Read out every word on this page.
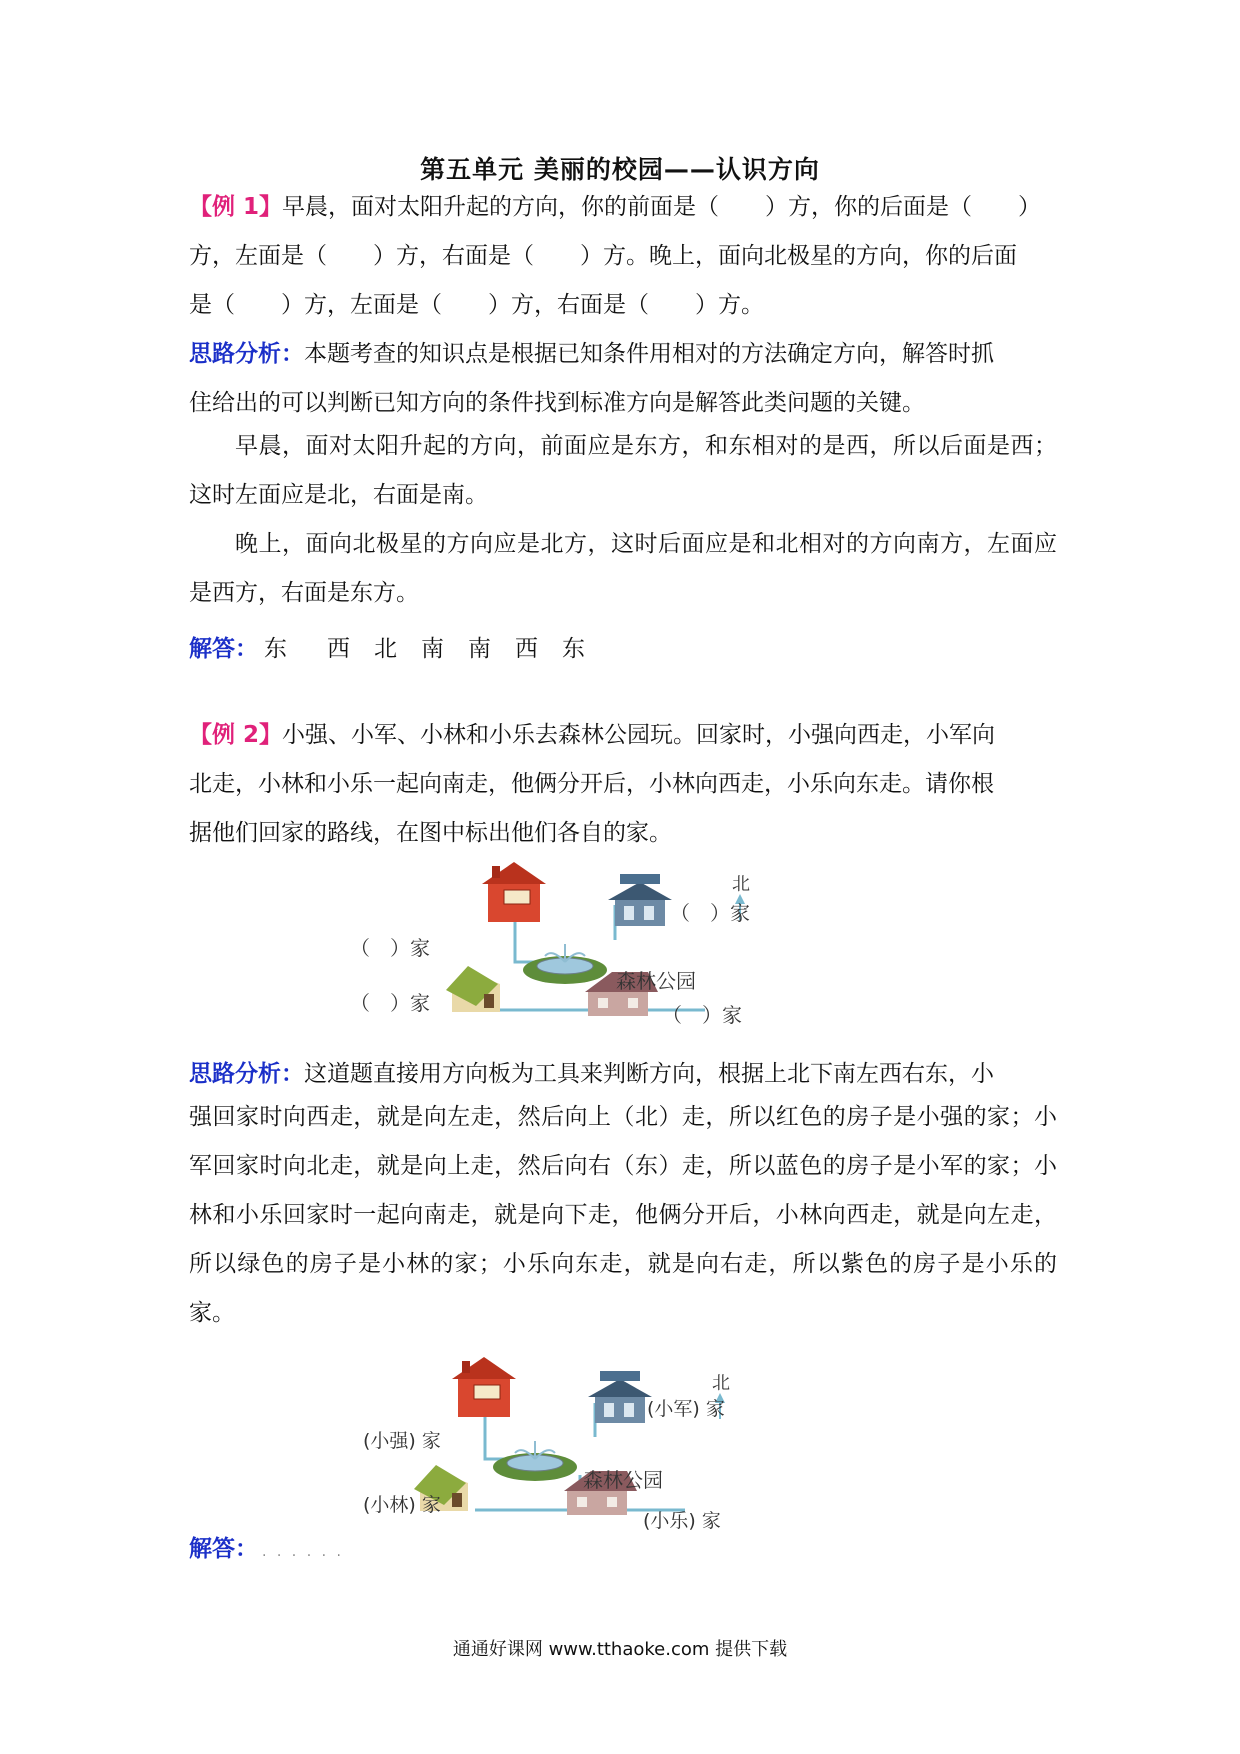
第五单元 美丽的校园——认识方向
【例 1】早晨，面对太阳升起的方向，你的前面是（　　）方，你的后面是（　　）
方，左面是（　　）方，右面是（　　）方。晚上，面向北极星的方向，你的后面
是（　　）方，左面是（　　）方，右面是（　　）方。
思路分析：本题考查的知识点是根据已知条件用相对的方法确定方向，解答时抓
住给出的可以判断已知方向的条件找到标准方向是解答此类问题的关键。
早晨，面对太阳升起的方向，前面应是东方，和东相对的是西，所以后面是西；这时左面应是北，右面是南。
晚上，面向北极星的方向应是北方，这时后面应是和北相对的方向南方，左面应是西方，右面是东方。
解答： 东 西 北 南 南 西 东
【例 2】小强、小军、小林和小乐去森林公园玩。回家时，小强向西走，小军向
北走，小林和小乐一起向南走，他俩分开后，小林向西走，小乐向东走。请你根
据他们回家的路线，在图中标出他们各自的家。
北
森林公园
（　）家
（　）家
（　）家	（　）家
思路分析：这道题直接用方向板为工具来判断方向，根据上北下南左西右东，小
强回家时向西走，就是向左走，然后向上（北）走，所以红色的房子是小强的家；小军回家时向北走，就是向上走，然后向右（东）走，所以蓝色的房子是小军的家；小林和小乐回家时一起向南走，就是向下走，他俩分开后，小林向西走，就是向左走，所以绿色的房子是小林的家；小乐向东走，就是向右走，所以紫色的房子是小乐的家。
北
森林公园
(小强) 家
(小军) 家
(小林) 家
(小乐) 家
解答： . . . . . .
通通好课网 www.tthaoke.com 提供下载
